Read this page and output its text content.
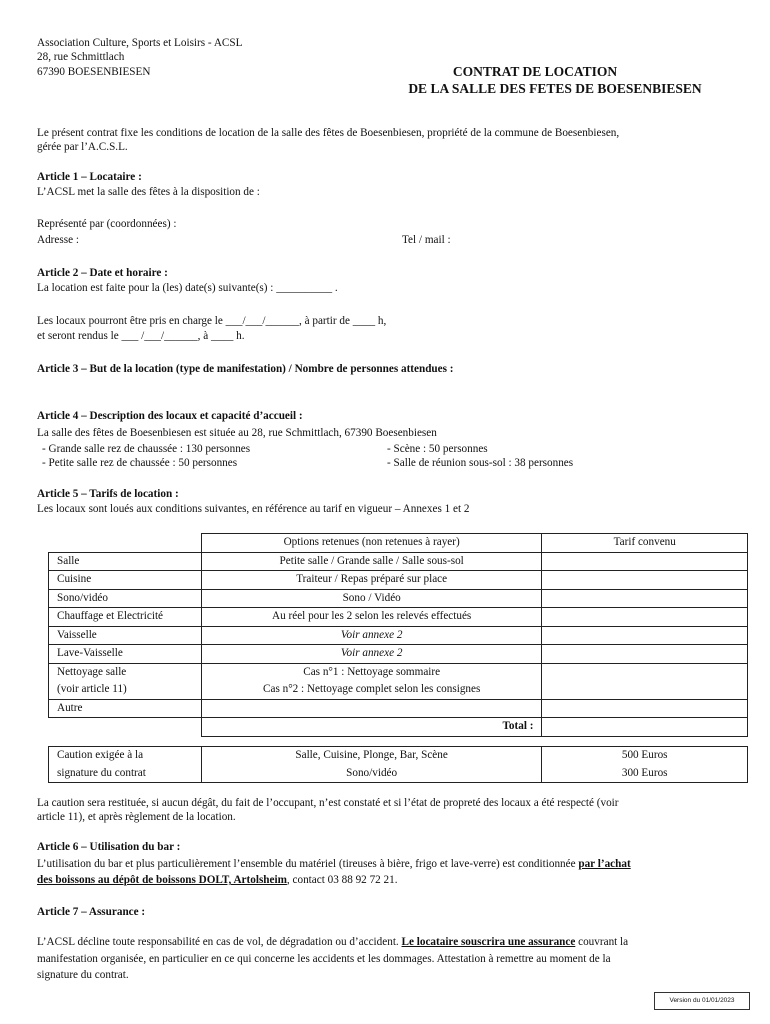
Association Culture, Sports et Loisirs - ACSL
28, rue Schmittlach
67390 BOESENBIESEN	CONTRAT DE LOCATION
DE LA SALLE DES FETES DE BOESENBIESEN
Le présent contrat fixe les conditions de location de la salle des fêtes de Boesenbiesen, propriété de la commune de Boesenbiesen,
gérée par l’A.C.S.L.
Article 1 – Locataire :
L’ACSL met la salle des fêtes à la disposition de :
Représenté par (coordonnées) :
Adresse :	Tel / mail :
Article 2 – Date et horaire :
La location est faite pour la (les) date(s) suivante(s) : __________ .
Les locaux pourront être pris en charge le ___/___/______, à partir de ____ h,
et seront rendus le ___ /___/______, à ____ h.
Article 3 – But de la location (type de manifestation) / Nombre de personnes attendues :
Article 4 – Description des locaux et capacité d’accueil :
La salle des fêtes de Boesenbiesen est située au 28, rue Schmittlach, 67390 Boesenbiesen
- Grande salle rez de chaussée : 130 personnes
- Petite salle rez de chaussée : 50 personnes
- Scène : 50 personnes
- Salle de réunion sous-sol : 38 personnes
Article 5 – Tarifs de location :
Les locaux sont loués aux conditions suivantes, en référence au tarif en vigueur – Annexes 1 et 2
	Options retenues (non retenues à rayer)	Tarif convenu
Salle	Petite salle / Grande salle / Salle sous-sol	
Cuisine	Traiteur / Repas préparé sur place	
Sono/vidéo	Sono / Vidéo	
Chauffage et Electricité	Au réel pour les 2 selon les relevés effectués	
Vaisselle	Voir annexe 2	
Lave-Vaisselle	Voir annexe 2	
Nettoyage salle	Cas n°1 : Nettoyage sommaire	
(voir article 11)	Cas n°2 : Nettoyage complet selon les consignes	
Autre		
	Total :	
Caution exigée à la	Salle, Cuisine, Plonge, Bar, Scène	500 Euros
signature du contrat	Sono/vidéo	300 Euros
La caution sera restituée, si aucun dégât, du fait de l’occupant, n’est constaté et si l’état de propreté des locaux a été respecté (voir
article 11), et après règlement de la location.
Article 6 – Utilisation du bar :
L’utilisation du bar et plus particulièrement l’ensemble du matériel (tireuses à bière, frigo et lave-verre) est conditionnée par l’achat
des boissons au dépôt de boissons DOLT, Artolsheim, contact 03 88 92 72 21.
Article 7 – Assurance :
L’ACSL décline toute responsabilité en cas de vol, de dégradation ou d’accident. Le locataire souscrira une assurance couvrant la
manifestation organisée, en particulier en ce qui concerne les accidents et les dommages. Attestation à remettre au moment de la
signature du contrat.
Version du 01/01/2023
